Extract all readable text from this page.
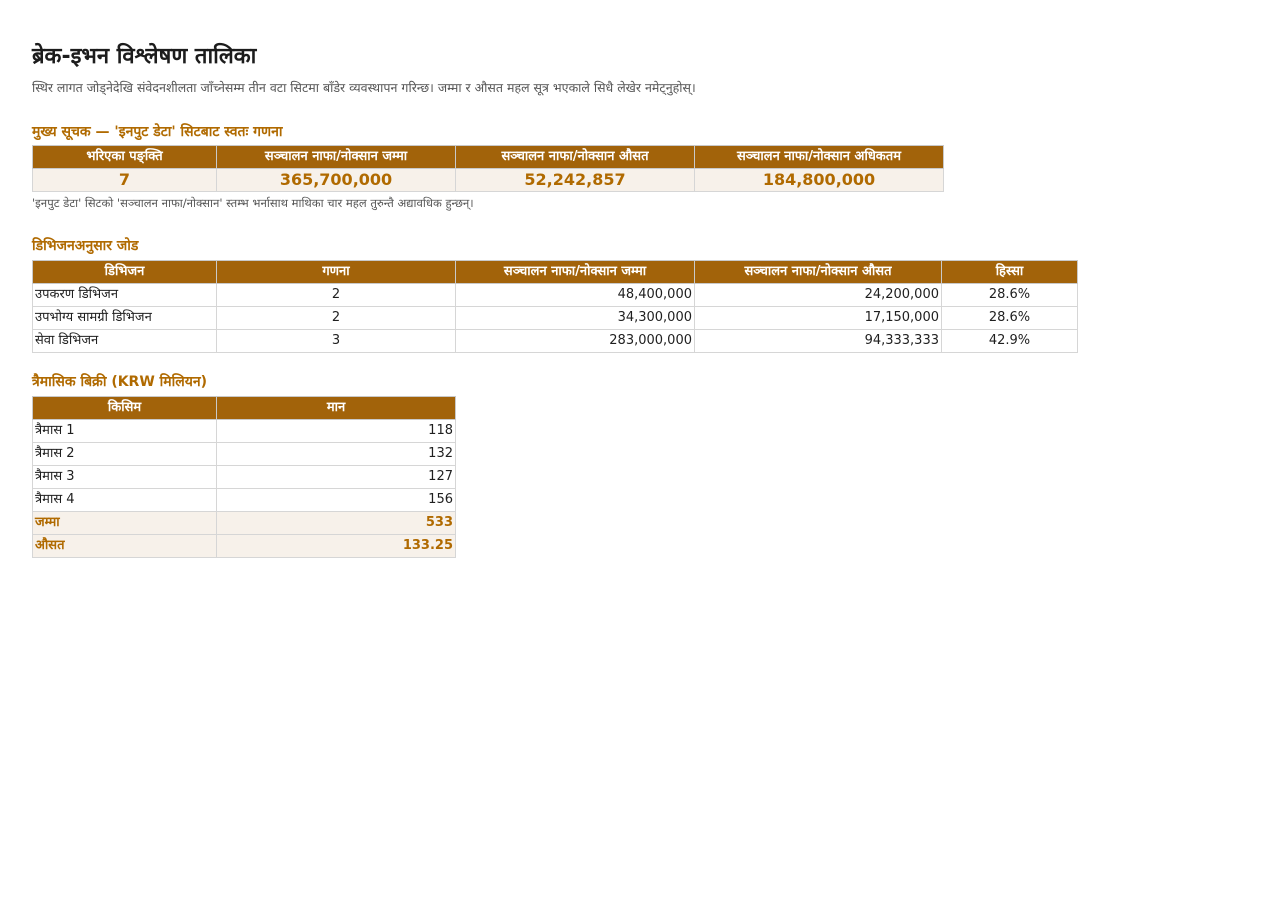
ब्रेक-इभन विश्लेषण तालिका
स्थिर लागत जोड्नेदेखि संवेदनशीलता जाँच्नेसम्म तीन वटा सिटमा बाँडेर व्यवस्थापन गरिन्छ। जम्मा र औसत महल सूत्र भएकाले सिधै लेखेर नमेट्नुहोस्।
मुख्य सूचक — 'इनपुट डेटा' सिटबाट स्वतः गणना
भरिएका पङ्क्ति	सञ्चालन नाफा/नोक्सान जम्मा	सञ्चालन नाफा/नोक्सान औसत	सञ्चालन नाफा/नोक्सान अधिकतम
7	365,700,000	52,242,857	184,800,000
'इनपुट डेटा' सिटको 'सञ्चालन नाफा/नोक्सान' स्तम्भ भर्नासाथ माथिका चार महल तुरुन्तै अद्यावधिक हुन्छन्।
डिभिजनअनुसार जोड
डिभिजन	गणना	सञ्चालन नाफा/नोक्सान जम्मा	सञ्चालन नाफा/नोक्सान औसत	हिस्सा
उपकरण डिभिजन	2	48,400,000	24,200,000	28.6%
उपभोग्य सामग्री डिभिजन	2	34,300,000	17,150,000	28.6%
सेवा डिभिजन	3	283,000,000	94,333,333	42.9%
त्रैमासिक बिक्री (KRW मिलियन)
किसिम	मान
त्रैमास 1	118
त्रैमास 2	132
त्रैमास 3	127
त्रैमास 4	156
जम्मा	533
औसत	133.25
